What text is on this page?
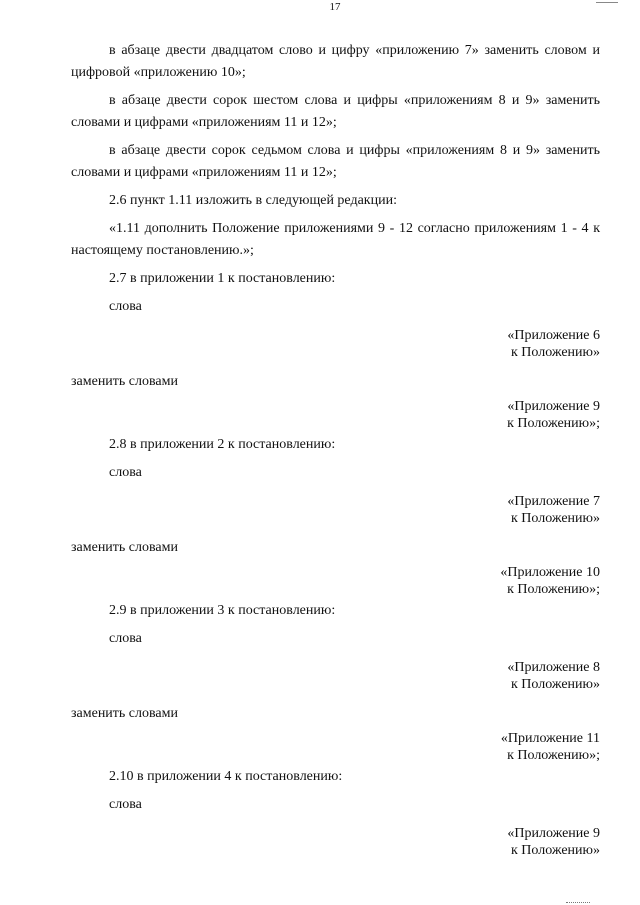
17

в абзаце двести двадцатом слово и цифру «приложению 7» заменить словом и цифровой «приложению 10»;

в абзаце двести сорок шестом слова и цифры «приложениям 8 и 9» заменить словами и цифрами «приложениям 11 и 12»;

в абзаце двести сорок седьмом слова и цифры «приложениям 8 и 9» заменить словами и цифрами «приложениям 11 и 12»;

2.6 пункт 1.11 изложить в следующей редакции:

«1.11 дополнить Положение приложениями 9 - 12 согласно приложениям 1 - 4 к настоящему постановлению.»;

2.7 в приложении 1 к постановлению:

слова

«Приложение 6
к Положению»

заменить словами

«Приложение 9
к Положению»;

2.8 в приложении 2 к постановлению:

слова

«Приложение 7
к Положению»

заменить словами

«Приложение 10
к Положению»;

2.9 в приложении 3 к постановлению:

слова

«Приложение 8
к Положению»

заменить словами

«Приложение 11
к Положению»;

2.10 в приложении 4 к постановлению:

слова

«Приложение 9
к Положению»
